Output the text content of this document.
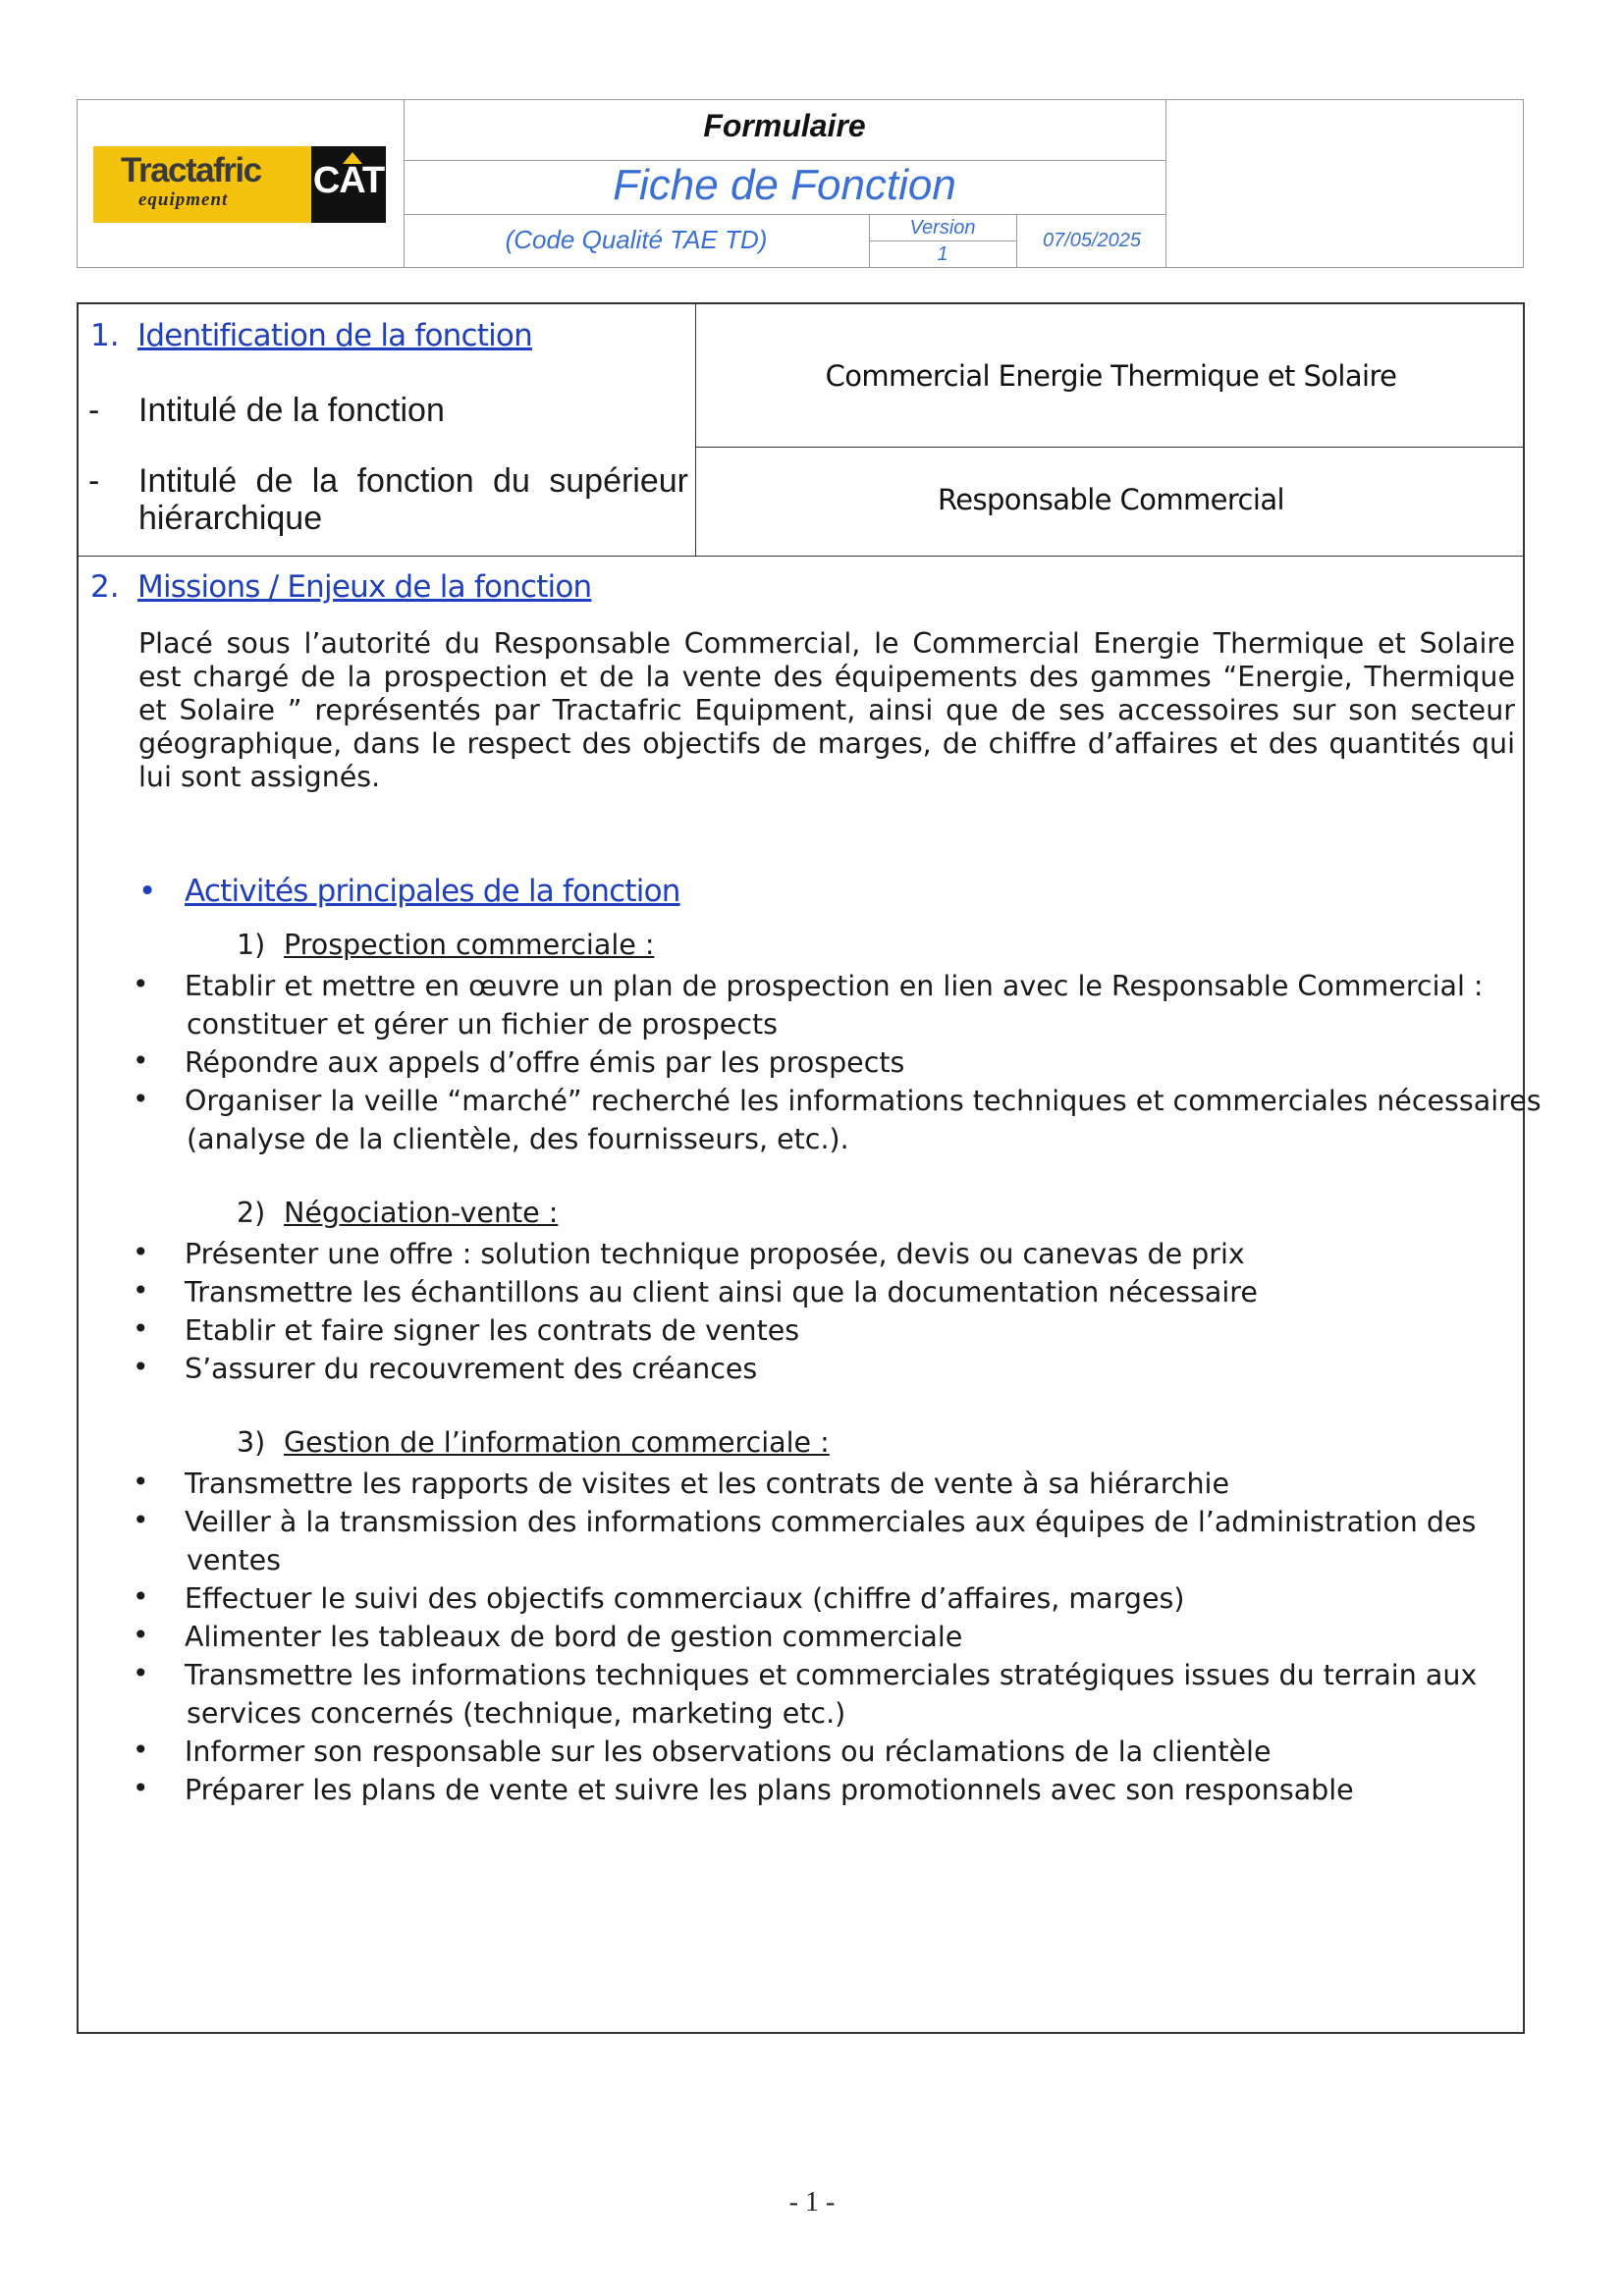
Tractafric
equipment CAT
Formulaire
Fiche de Fonction
(Code Qualité TAE TD)	Version
1
07/05/2025
1. Identification de la fonction
- Intitulé de la fonction
Commercial Energie Thermique et Solaire
- Intitulé de la fonction du supérieur
hiérarchique	Responsable Commercial
2. Missions / Enjeux de la fonction
Placé sous l’autorité du Responsable Commercial, le Commercial Energie Thermique et Solaire est chargé de la prospection et de la vente des équipements des gammes “Energie, Thermique et Solaire ” représentés par Tractafric Equipment, ainsi que de ses accessoires sur son secteur géographique, dans le respect des objectifs de marges, de chiffre d’affaires et des quantités qui lui sont assignés.
• Activités principales de la fonction
1) Prospection commerciale :
• Etablir et mettre en œuvre un plan de prospection en lien avec le Responsable Commercial :
constituer et gérer un fichier de prospects
• Répondre aux appels d’offre émis par les prospects
• Organiser la veille “marché” recherché les informations techniques et commerciales nécessaires
(analyse de la clientèle, des fournisseurs, etc.).
2) Négociation-vente :
• Présenter une offre : solution technique proposée, devis ou canevas de prix
• Transmettre les échantillons au client ainsi que la documentation nécessaire
• Etablir et faire signer les contrats de ventes
• S’assurer du recouvrement des créances
3) Gestion de l’information commerciale :
• Transmettre les rapports de visites et les contrats de vente à sa hiérarchie
• Veiller à la transmission des informations commerciales aux équipes de l’administration des
ventes
• Effectuer le suivi des objectifs commerciaux (chiffre d’affaires, marges)
• Alimenter les tableaux de bord de gestion commerciale
• Transmettre les informations techniques et commerciales stratégiques issues du terrain aux
services concernés (technique, marketing etc.)
• Informer son responsable sur les observations ou réclamations de la clientèle
• Préparer les plans de vente et suivre les plans promotionnels avec son responsable
- 1 -
